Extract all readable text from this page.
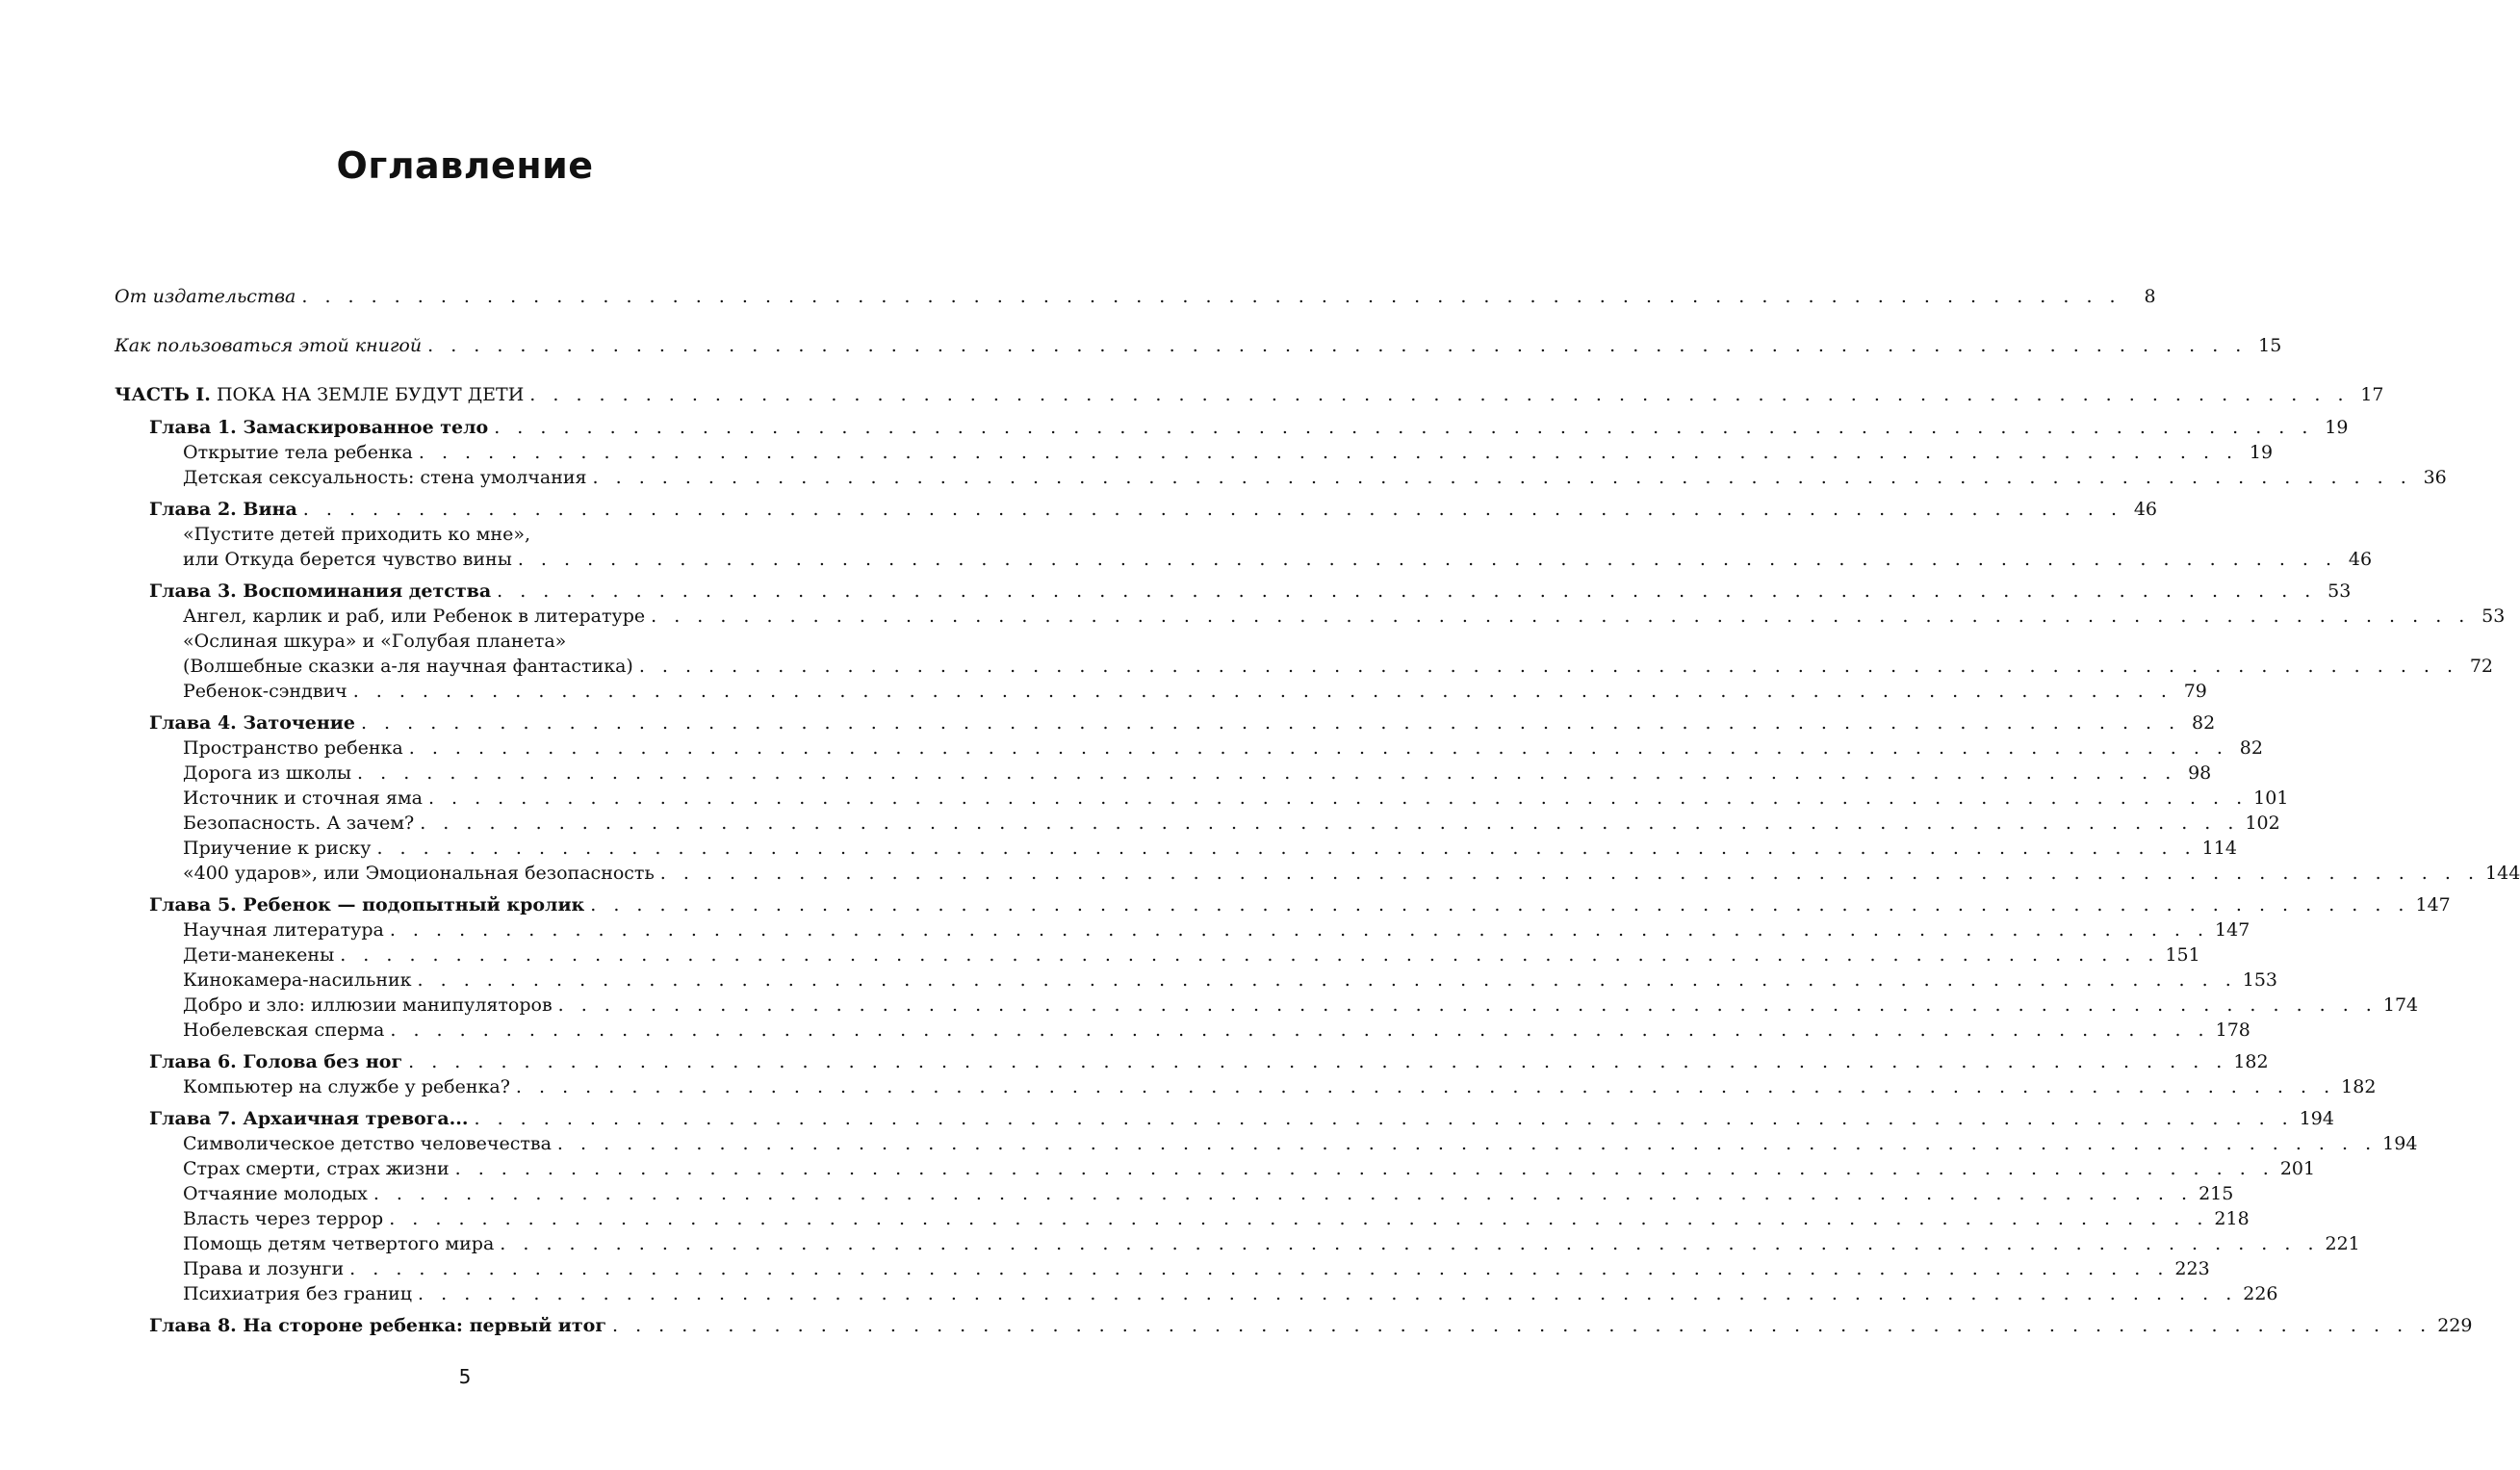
Оглавление
От издательства . . .	8
Как пользоваться этой книгой . . .	15
ЧАСТЬ I. ПОКА НА ЗЕМЛЕ БУДУТ ДЕТИ . . .	17
Глава 1. Замаскированное тело . . .	19
Открытие тела ребенка . . .	19
Детская сексуальность: стена умолчания . . .	36
Глава 2. Вина . . .	46
«Пустите детей приходить ко мне»,
или Откуда берется чувство вины . . .	46
Глава 3. Воспоминания детства . . .	53
Ангел, карлик и раб, или Ребенок в литературе . . .	53
«Ослиная шкура» и «Голубая планета»
(Волшебные сказки а-ля научная фантастика) . . .	72
Ребенок-сэндвич . . .	79
Глава 4. Заточение . . .	82
Пространство ребенка . . .	82
Дорога из школы . . .	98
Источник и сточная яма . . .	101
Безопасность. А зачем? . . .	102
Приучение к риску . . .	114
«400 ударов», или Эмоциональная безопасность . . .	144
Глава 5. Ребенок — подопытный кролик . . .	147
Научная литература . . .	147
Дети-манекены . . .	151
Кинокамера-насильник . . .	153
Добро и зло: иллюзии манипуляторов . . .	174
Нобелевская сперма . . .	178
Глава 6. Голова без ног . . .	182
Компьютер на службе у ребенка? . . .	182
Глава 7. Архаичная тревога... . . .	194
Символическое детство человечества . . .	194
Страх смерти, страх жизни . . .	201
Отчаяние молодых . . .	215
Власть через террор . . .	218
Помощь детям четвертого мира . . .	221
Права и лозунги . . .	223
Психиатрия без границ . . .	226
Глава 8. На стороне ребенка: первый итог . . .	229
5
